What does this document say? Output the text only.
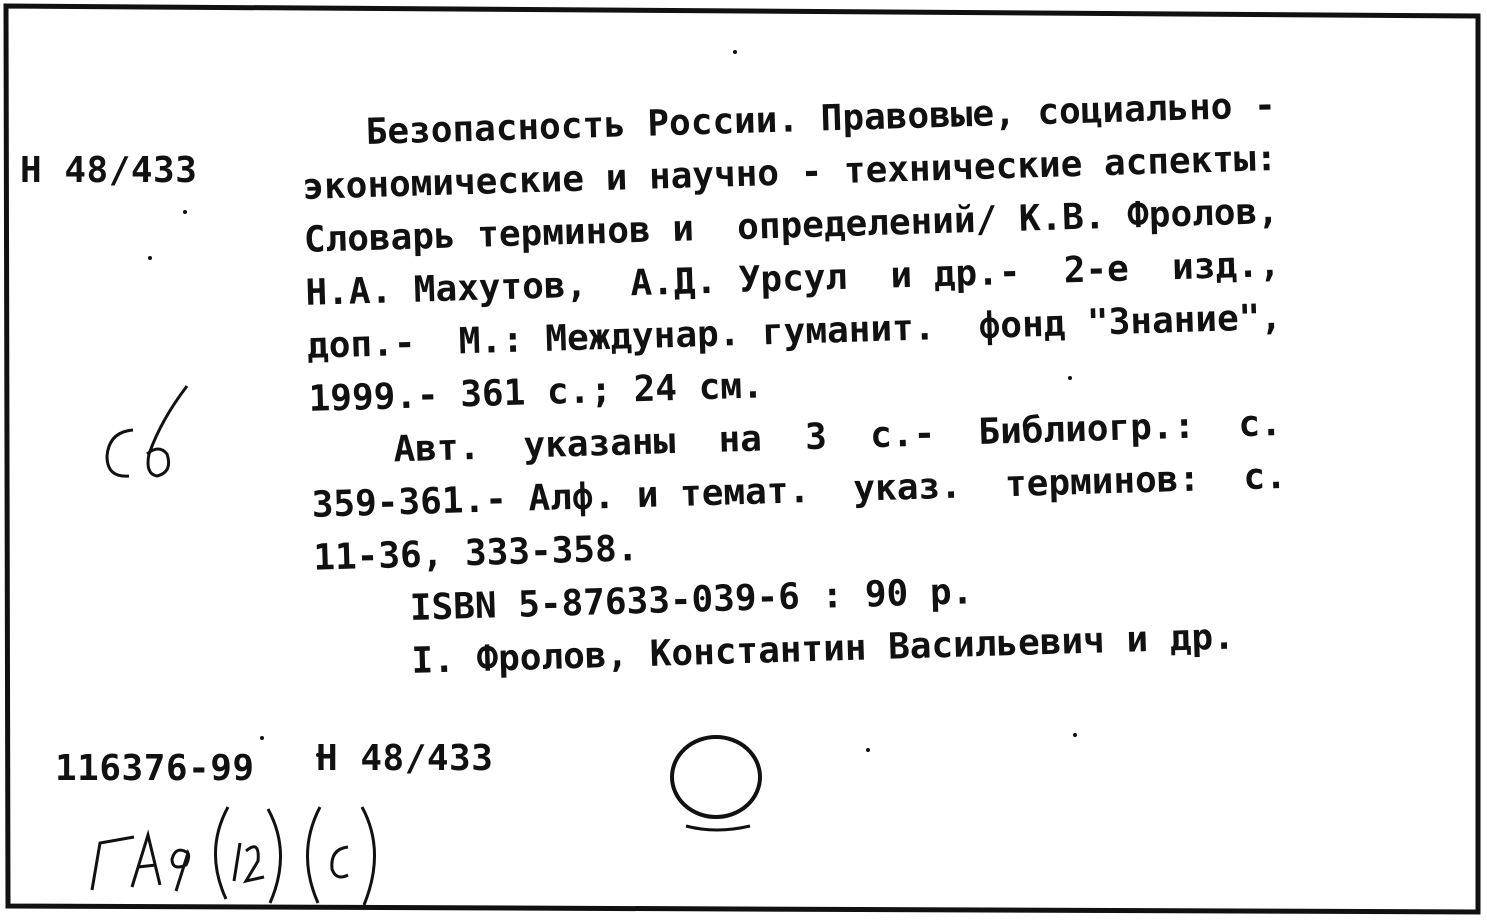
Н 48/433
Безопасность России. Правовые, социально -
экономические и научно - технические аспекты:
Словарь терминов и  определений/ К.В. Фролов,
Н.А. Махутов,  А.Д. Урсул  и др.-  2-е  изд.,
доп.-  М.: Междунар. гуманит.  фонд "Знание",
1999.- 361 с.; 24 см.
Авт.  указаны  на  3  с.-  Библиогр.:  с.
359-361.- Алф. и темат.  указ.  терминов:  с.
11-36, 333-358.
ISBN 5-87633-039-6 : 90 р.
I. Фролов, Константин Васильевич и др.
116376-99 Н 48/433
